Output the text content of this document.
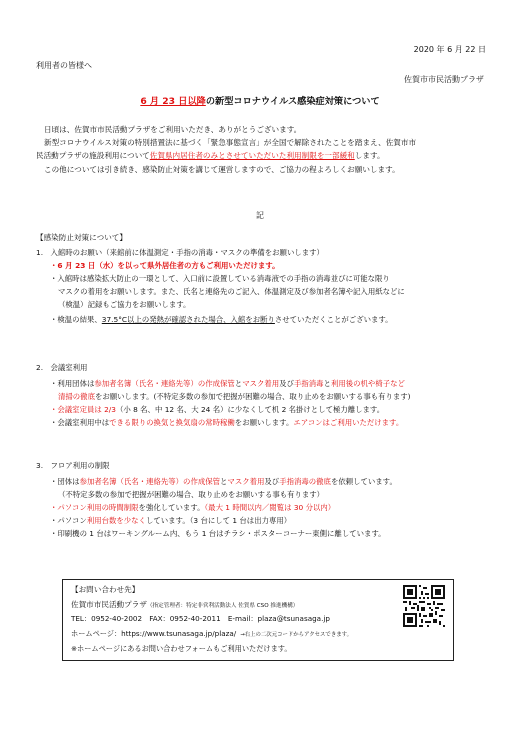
2020 年 6 月 22 日
利用者の皆様へ
佐賀市市民活動プラザ
6 月 23 日以降の新型コロナウイルス感染症対策について
日頃は、佐賀市市民活動プラザをご利用いただき、ありがとうございます。
新型コロナウイルス対策の特別措置法に基づく「緊急事態宣言」が全国で解除されたことを踏まえ、佐賀市市
民活動プラザの施設利用について佐賀県内居住者のみとさせていただいた利用制限を一部緩和します。
この他については引き続き、感染防止対策を講じて運営しますので、ご協力の程よろしくお願いします。
記
【感染防止対策について】
1.　入館時のお願い（来館前に体温測定・手指の消毒・マスクの準備をお願いします）
・6 月 23 日（水）を以って県外居住者の方もご利用いただけます。
・入館時は感染拡大防止の一環として、入口前に設置している消毒液での手指の消毒並びに可能な限り
マスクの着用をお願いします。また、氏名と連絡先のご記入、体温測定及び参加者名簿や記入用紙などに
（検温）記録もご協力をお願いします。
・検温の結果、37.5°C以上の発熱が確認された場合、入館をお断りさせていただくことがございます。
2.　会議室利用
・利用団体は参加者名簿（氏名・連絡先等）の作成保管とマスク着用及び手指消毒と利用後の机や椅子など
清掃の徹底をお願いします。(不特定多数の参加で把握が困難の場合、取り止めをお願いする事も有ります)
・会議室定員は 2/3（小 8 名、中 12 名、大 24 名）に少なくして机 2 名掛けとして極力離します。
・会議室利用中はできる限りの換気と換気扇の常時稼働をお願いします。エアコンはご利用いただけます。
3.　フロア利用の制限
・団体は参加者名簿（氏名・連絡先等）の作成保管とマスク着用及び手指消毒の徹底を依頼しています。
（不特定多数の参加で把握が困難の場合、取り止めをお願いする事も有ります）
・パソコン利用の時間制限を強化しています。（最大 1 時間以内／閲覧は 30 分以内）
・パソコン利用台数を少なくしています。（3 台にして 1 台は出力専用）
・印刷機の 1 台はワーキングルーム内、もう 1 台はチラシ・ポスターコーナー東側に離しています。
【お問い合わせ先】
佐賀市市民活動プラザ（指定管理者：特定非営利活動法人 佐賀県 CSO 推進機構）
TEL：0952-40-2002　FAX：0952-40-2011　E-mail：plaza@tsunasaga.jp
ホームページ：https://www.tsunasaga.jp/plaza/ →右上の二次元コードからアクセスできます。
※ホームページにあるお問い合わせフォームもご利用いただけます。
